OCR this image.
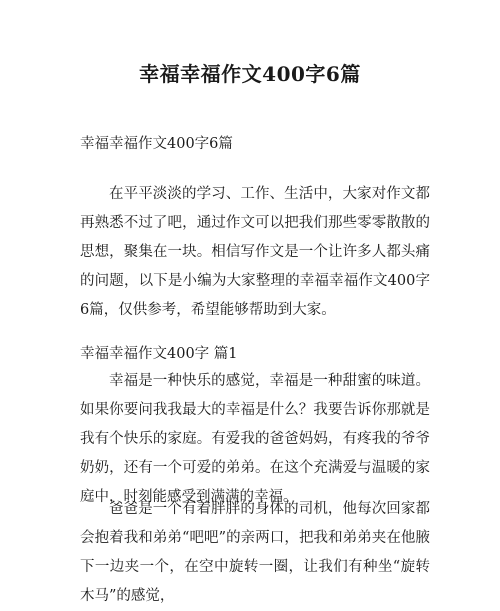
幸福幸福作文400字6篇
幸福幸福作文400字6篇

在平平淡淡的学习、工作、生活中，大家对作文都再熟悉不过了吧，通过作文可以把我们那些零零散散的思想，聚集在一块。相信写作文是一个让许多人都头痛的问题，以下是小编为大家整理的幸福幸福作文400字6篇，仅供参考，希望能够帮助到大家。

幸福幸福作文400字 篇1

幸福是一种快乐的感觉，幸福是一种甜蜜的味道。如果你要问我我最大的幸福是什么？我要告诉你那就是我有个快乐的家庭。有爱我的爸爸妈妈，有疼我的爷爷奶奶，还有一个可爱的弟弟。在这个充满爱与温暖的家庭中，时刻能感受到满满的幸福。

爸爸是一个有着胖胖的身体的司机，他每次回家都会抱着我和弟弟“吧吧”的亲两口，把我和弟弟夹在他腋下一边夹一个，在空中旋转一圈，让我们有种坐“旋转木马”的感觉，
